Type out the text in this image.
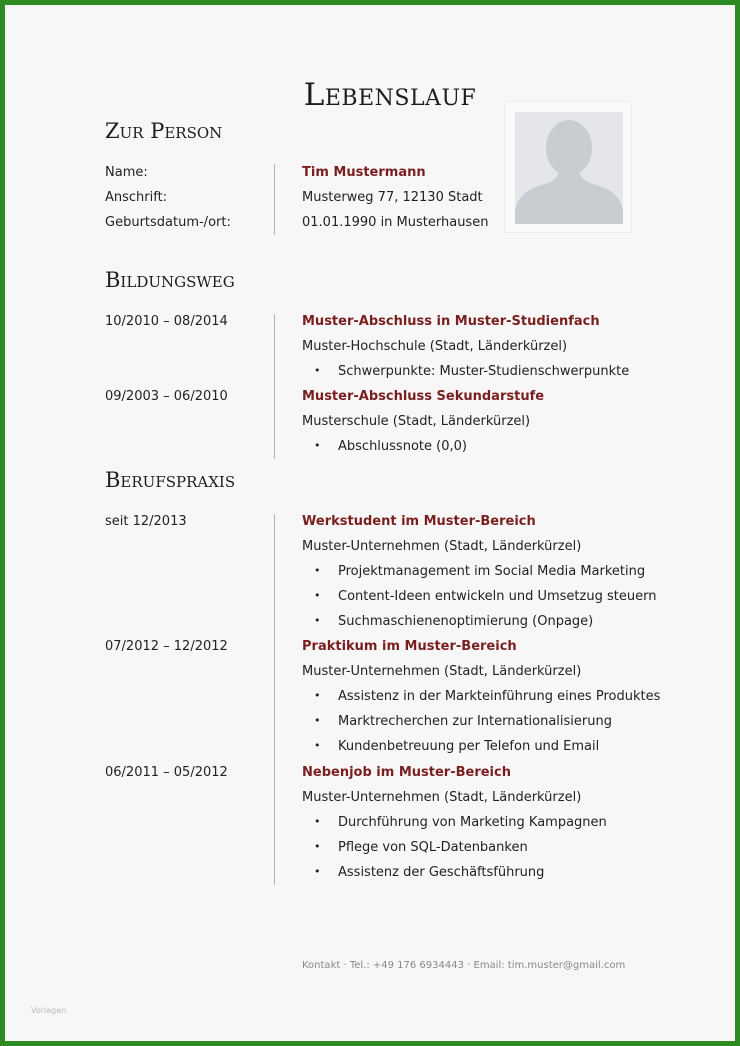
Lebenslauf
Zur Person
Name:	Tim Mustermann
Anschrift:	Musterweg 77, 12130 Stadt
Geburtsdatum-/ort:	01.01.1990 in Musterhausen
Bildungsweg
10/2010 – 08/2014	Muster-Abschluss in Muster-Studienfach
Muster-Hochschule (Stadt, Länderkürzel)
• Schwerpunkte: Muster-Studienschwerpunkte
09/2003 – 06/2010	Muster-Abschluss Sekundarstufe
Musterschule (Stadt, Länderkürzel)
• Abschlussnote (0,0)
Berufspraxis
seit 12/2013	Werkstudent im Muster-Bereich
Muster-Unternehmen (Stadt, Länderkürzel)
• Projektmanagement im Social Media Marketing
• Content-Ideen entwickeln und Umsetzug steuern
• Suchmaschienenoptimierung (Onpage)
07/2012 – 12/2012	Praktikum im Muster-Bereich
Muster-Unternehmen (Stadt, Länderkürzel)
• Assistenz in der Markteinführung eines Produktes
• Marktrecherchen zur Internationalisierung
• Kundenbetreuung per Telefon und Email
06/2011 – 05/2012	Nebenjob im Muster-Bereich
Muster-Unternehmen (Stadt, Länderkürzel)
• Durchführung von Marketing Kampagnen
• Pflege von SQL-Datenbanken
• Assistenz der Geschäftsführung
Kontakt · Tel.: +49 176 6934443 · Email: tim.muster@gmail.com
Vorlagen
